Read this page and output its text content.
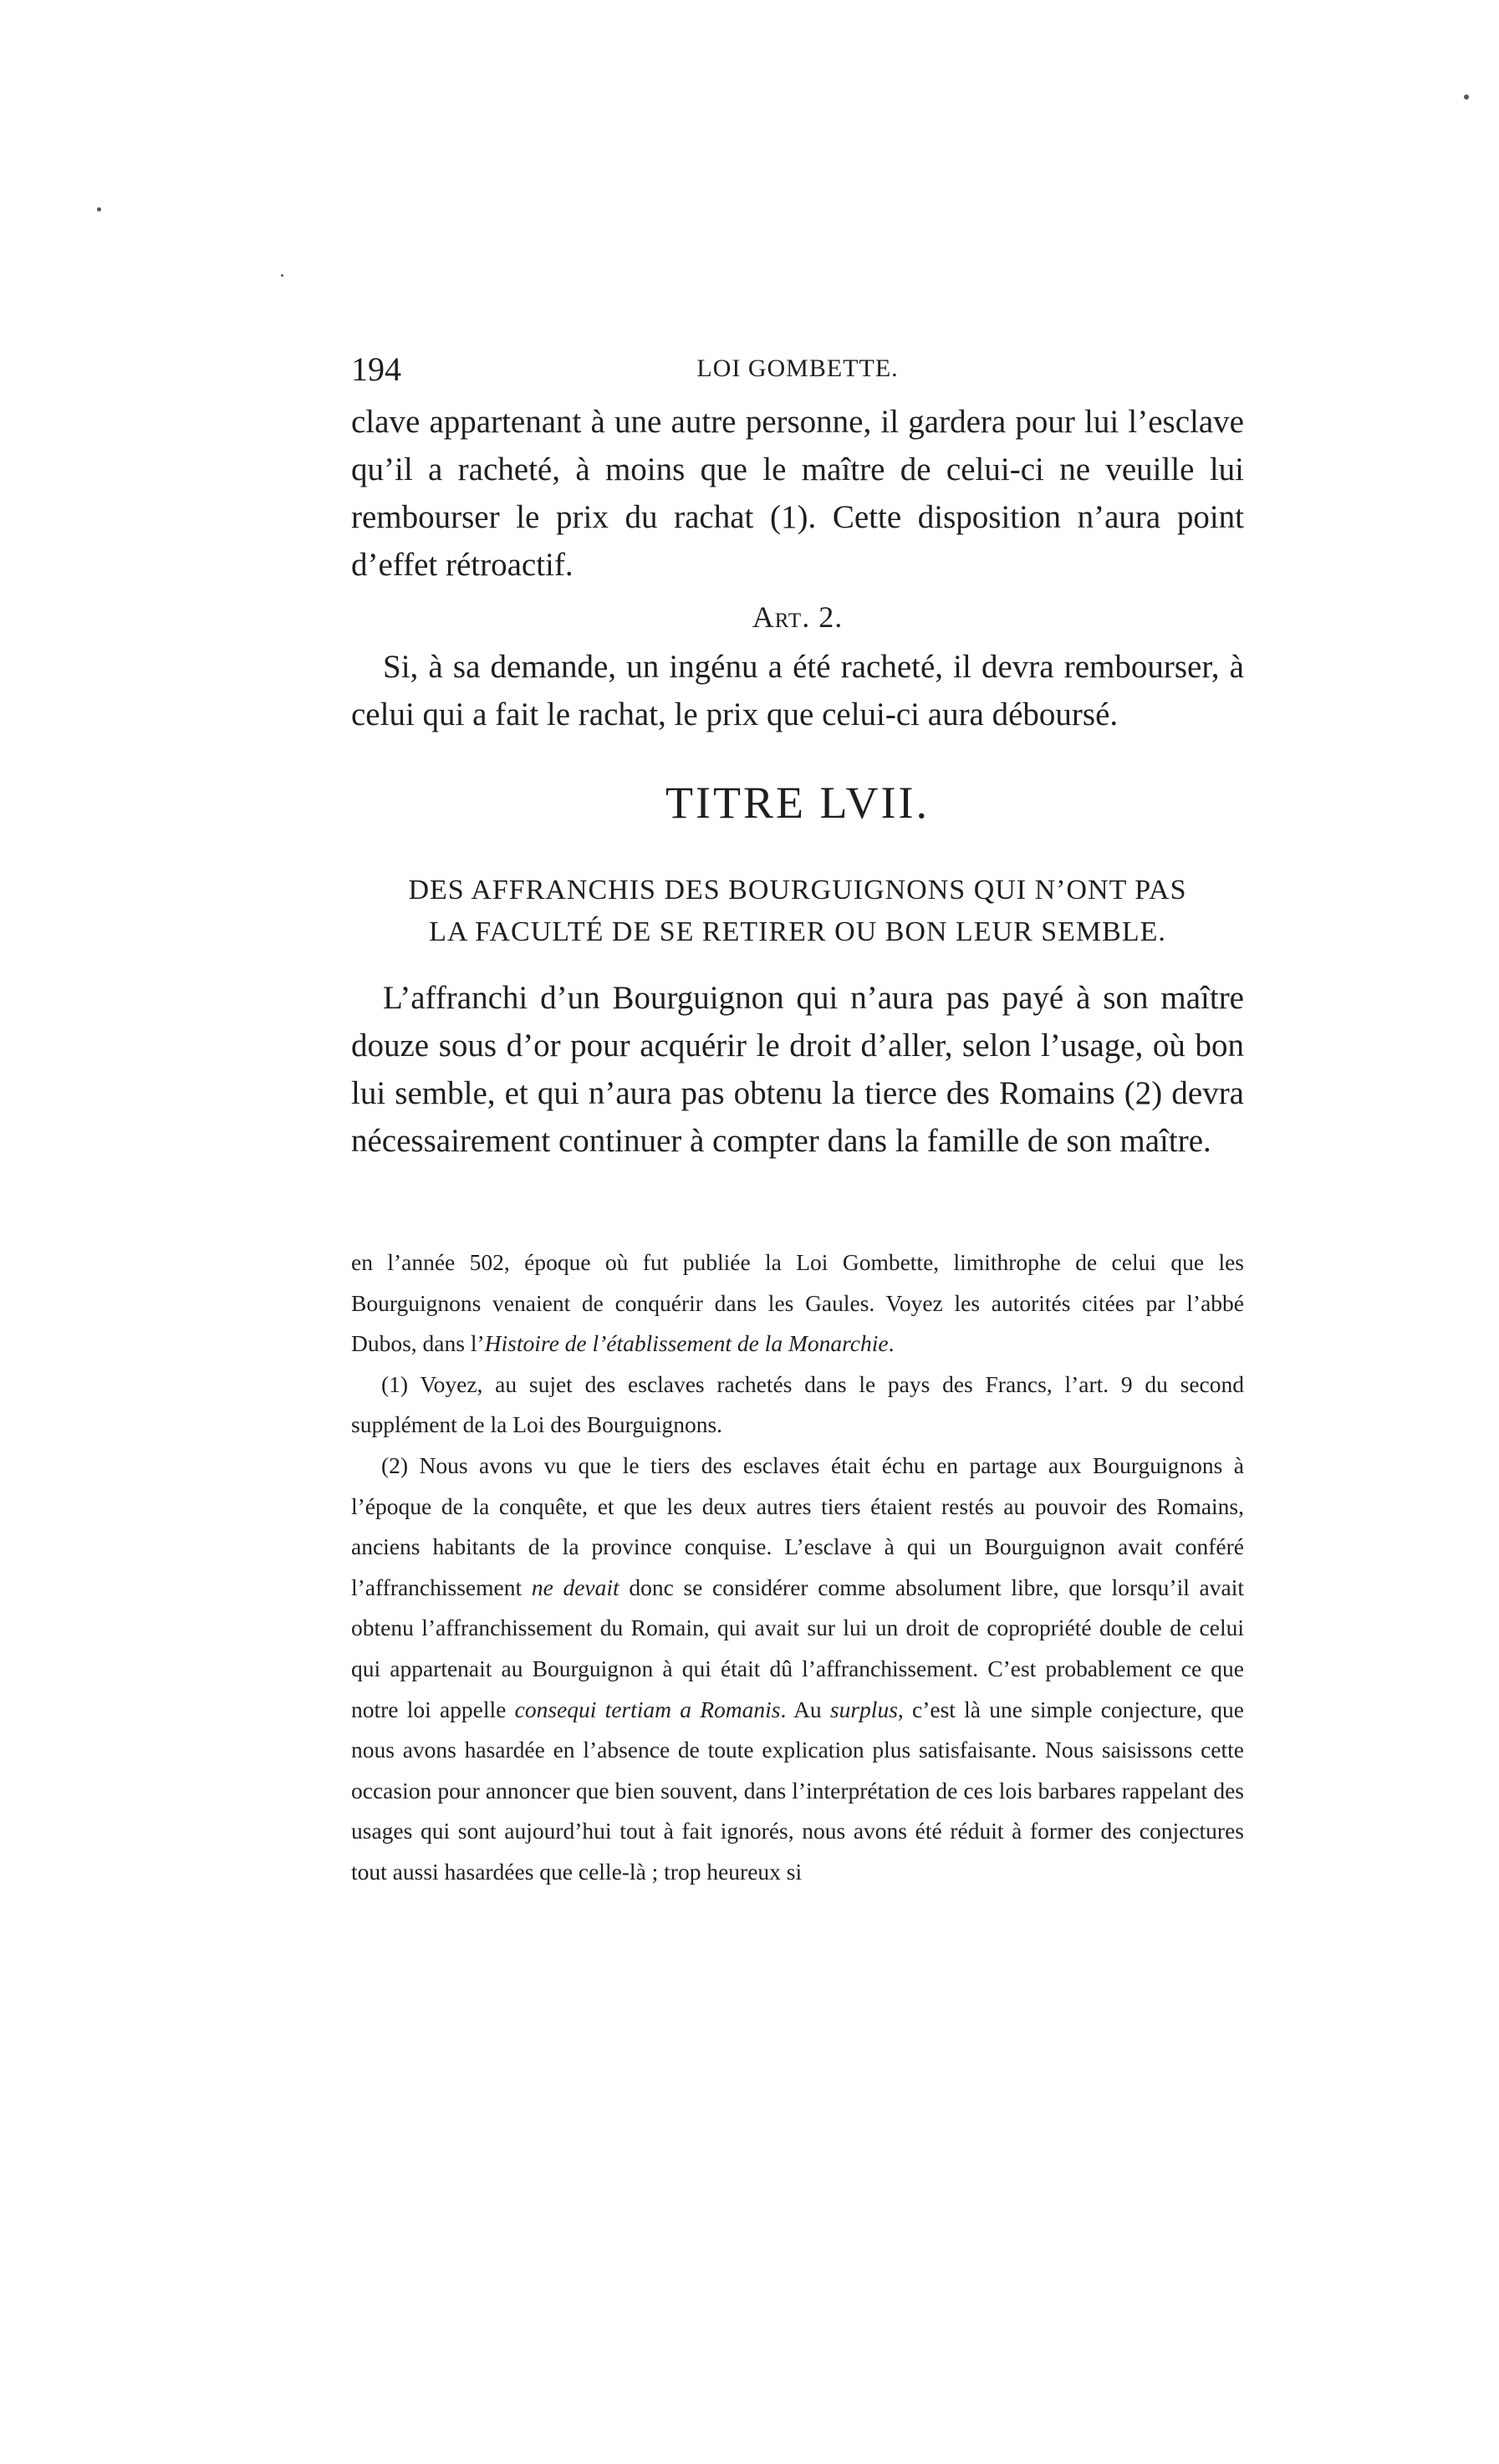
194	LOI GOMBETTE.

clave appartenant à une autre personne, il gardera pour lui l’esclave qu’il a racheté, à moins que le maître de celui-ci ne veuille lui rembourser le prix du rachat (1). Cette disposition n’aura point d’effet rétroactif.

Art. 2.

Si, à sa demande, un ingénu a été racheté, il devra rembourser, à celui qui a fait le rachat, le prix que celui-ci aura déboursé.

TITRE LVII.
DES AFFRANCHIS DES BOURGUIGNONS QUI N’ONT PAS
LA FACULTÉ DE SE RETIRER OU BON LEUR SEMBLE.

L’affranchi d’un Bourguignon qui n’aura pas payé à son maître douze sous d’or pour acquérir le droit d’aller, selon l’usage, où bon lui semble, et qui n’aura pas obtenu la tierce des Romains (2) devra nécessairement continuer à compter dans la famille de son maître.

en l’année 502, époque où fut publiée la Loi Gombette, limithrophe de celui que les Bourguignons venaient de conquérir dans les Gaules. Voyez les autorités citées par l’abbé Dubos, dans l’Histoire de l’établissement de la Monarchie.

(1) Voyez, au sujet des esclaves rachetés dans le pays des Francs, l’art. 9 du second supplément de la Loi des Bourguignons.

(2) Nous avons vu que le tiers des esclaves était échu en partage aux Bourguignons à l’époque de la conquête, et que les deux autres tiers étaient restés au pouvoir des Romains, anciens habitants de la province conquise. L’esclave à qui un Bourguignon avait conféré l’affranchissement ne devait donc se considérer comme absolument libre, que lorsqu’il avait obtenu l’affranchissement du Romain, qui avait sur lui un droit de copropriété double de celui qui appartenait au Bourguignon à qui était dû l’affranchissement. C’est probablement ce que notre loi appelle consequi tertiam a Romanis. Au surplus, c’est là une simple conjecture, que nous avons hasardée en l’absence de toute explication plus satisfaisante. Nous saisissons cette occasion pour annoncer que bien souvent, dans l’interprétation de ces lois barbares rappelant des usages qui sont aujourd’hui tout à fait ignorés, nous avons été réduit à former des conjectures tout aussi hasardées que celle-là ; trop heureux si
